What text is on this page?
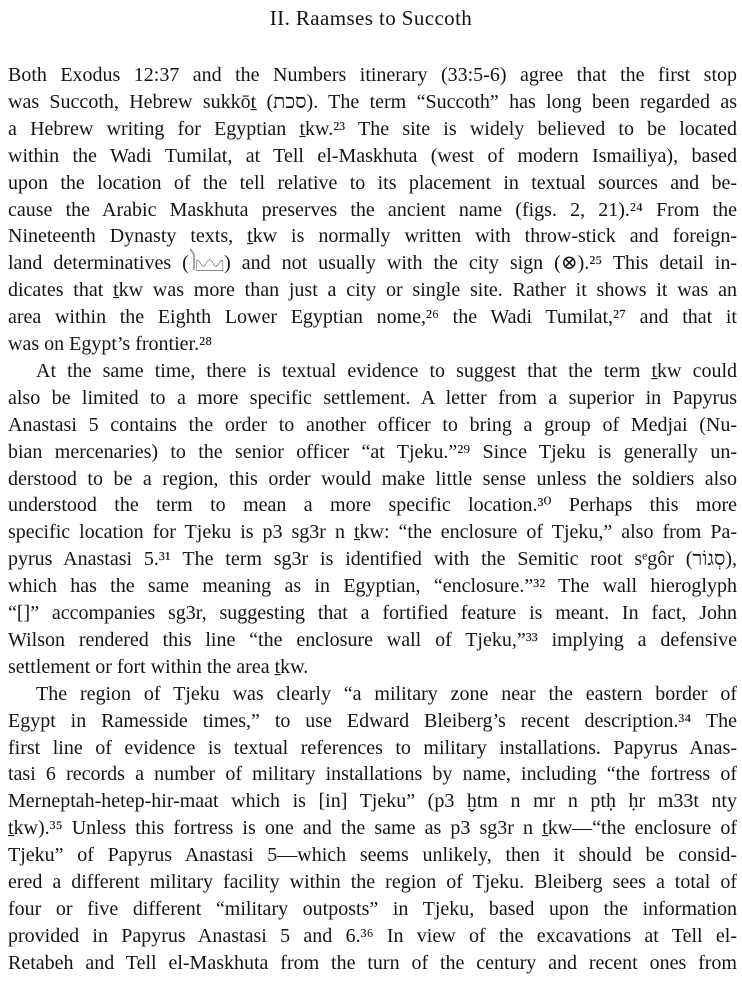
II. Raamses to Succoth
Both Exodus 12:37 and the Numbers itinerary (33:5-6) agree that the first stop
was Succoth, Hebrew sukkōṯ (סכת). The term “Succoth” has long been regarded as
a Hebrew writing for Egyptian ṯkw.²³ The site is widely believed to be located
within the Wadi Tumilat, at Tell el-Maskhuta (west of modern Ismailiya), based
upon the location of the tell relative to its placement in textual sources and be-
cause the Arabic Maskhuta preserves the ancient name (figs. 2, 21).²⁴ From the
Nineteenth Dynasty texts, ṯkw is normally written with throw-stick and foreign-
land determinatives (𓌙𓈉) and not usually with the city sign (⊗).²⁵ This detail in-
dicates that ṯkw was more than just a city or single site. Rather it shows it was an
area within the Eighth Lower Egyptian nome,²⁶ the Wadi Tumilat,²⁷ and that it
was on Egypt’s frontier.²⁸
At the same time, there is textual evidence to suggest that the term ṯkw could
also be limited to a more specific settlement. A letter from a superior in Papyrus
Anastasi 5 contains the order to another officer to bring a group of Medjai (Nu-
bian mercenaries) to the senior officer “at Tjeku.”²⁹ Since Tjeku is generally un-
derstood to be a region, this order would make little sense unless the soldiers also
understood the term to mean a more specific location.³⁰ Perhaps this more
specific location for Tjeku is p3 sg3r n ṯkw: “the enclosure of Tjeku,” also from Pa-
pyrus Anastasi 5.³¹ The term sg3r is identified with the Semitic root sᵉgôr (סְגוֹר),
which has the same meaning as in Egyptian, “enclosure.”³² The wall hieroglyph
“[]” accompanies sg3r, suggesting that a fortified feature is meant. In fact, John
Wilson rendered this line “the enclosure wall of Tjeku,”³³ implying a defensive
settlement or fort within the area ṯkw.
The region of Tjeku was clearly “a military zone near the eastern border of
Egypt in Ramesside times,” to use Edward Bleiberg’s recent description.³⁴ The
first line of evidence is textual references to military installations. Papyrus Anas-
tasi 6 records a number of military installations by name, including “the fortress of
Merneptah-hetep-hir-maat which is [in] Tjeku” (p3 ḫtm n mr n ptḥ ḥr m33t nty
ṯkw).³⁵ Unless this fortress is one and the same as p3 sg3r n ṯkw—“the enclosure of
Tjeku” of Papyrus Anastasi 5—which seems unlikely, then it should be consid-
ered a different military facility within the region of Tjeku. Bleiberg sees a total of
four or five different “military outposts” in Tjeku, based upon the information
provided in Papyrus Anastasi 5 and 6.³⁶ In view of the excavations at Tell el-
Retabeh and Tell el-Maskhuta from the turn of the century and recent ones from
